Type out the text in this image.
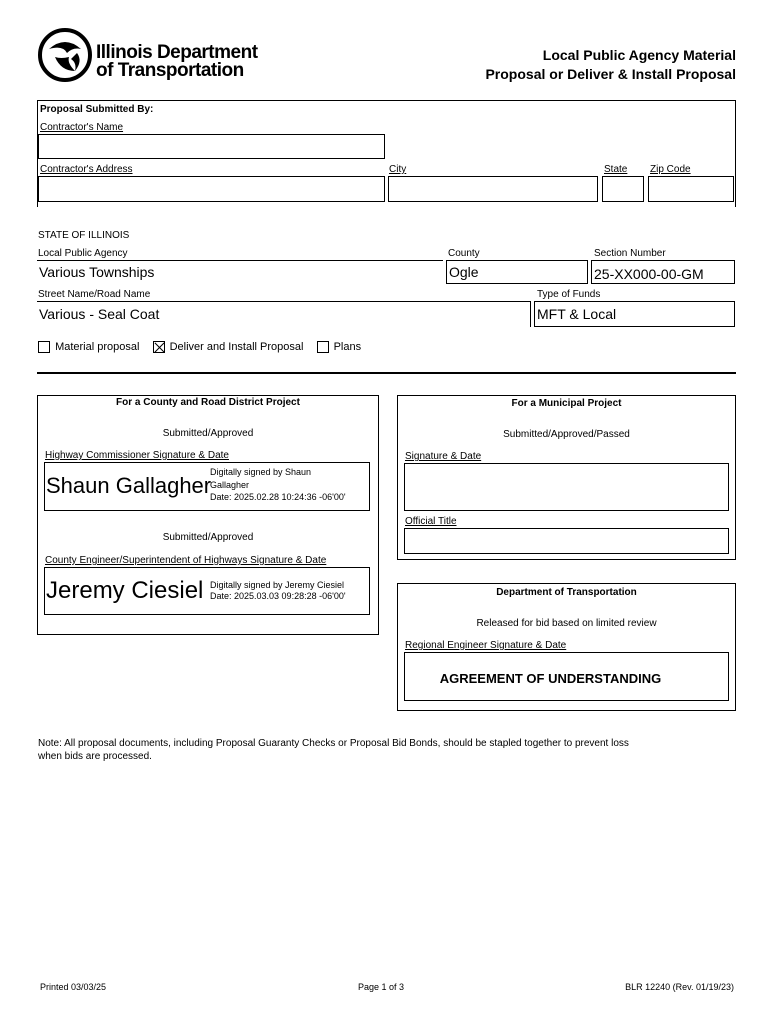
Illinois Department
of Transportation
Local Public Agency Material
Proposal or Deliver & Install Proposal
Proposal Submitted By:
Contractor's Name
Contractor's Address	City	State Zip Code
STATE OF ILLINOIS
Local Public Agency
Various Townships
County
Ogle
Section Number
25-XX000-00-GM
Street Name/Road Name
Various - Seal Coat
Type of Funds
MFT & Local
Material proposal	Deliver and Install Proposal	Plans
For a County and Road District Project
Submitted/Approved
Highway Commissioner Signature & Date
Shaun Gallagher
Digitally signed by Shaun
Gallagher
Date: 2025.02.28 10:24:36 -06'00'
Submitted/Approved
County Engineer/Superintendent of Highways Signature & Date
Jeremy Ciesiel Digitally signed by Jeremy Ciesiel
Date: 2025.03.03 09:28:28 -06'00'
For a Municipal Project
Submitted/Approved/Passed
Signature & Date
Official Title
Department of Transportation
Released for bid based on limited review
Regional Engineer Signature & Date
AGREEMENT OF UNDERSTANDING
Note: All proposal documents, including Proposal Guaranty Checks or Proposal Bid Bonds, should be stapled together to prevent loss
when bids are processed.
Printed 03/03/25	Page 1 of 3	BLR 12240 (Rev. 01/19/23)
